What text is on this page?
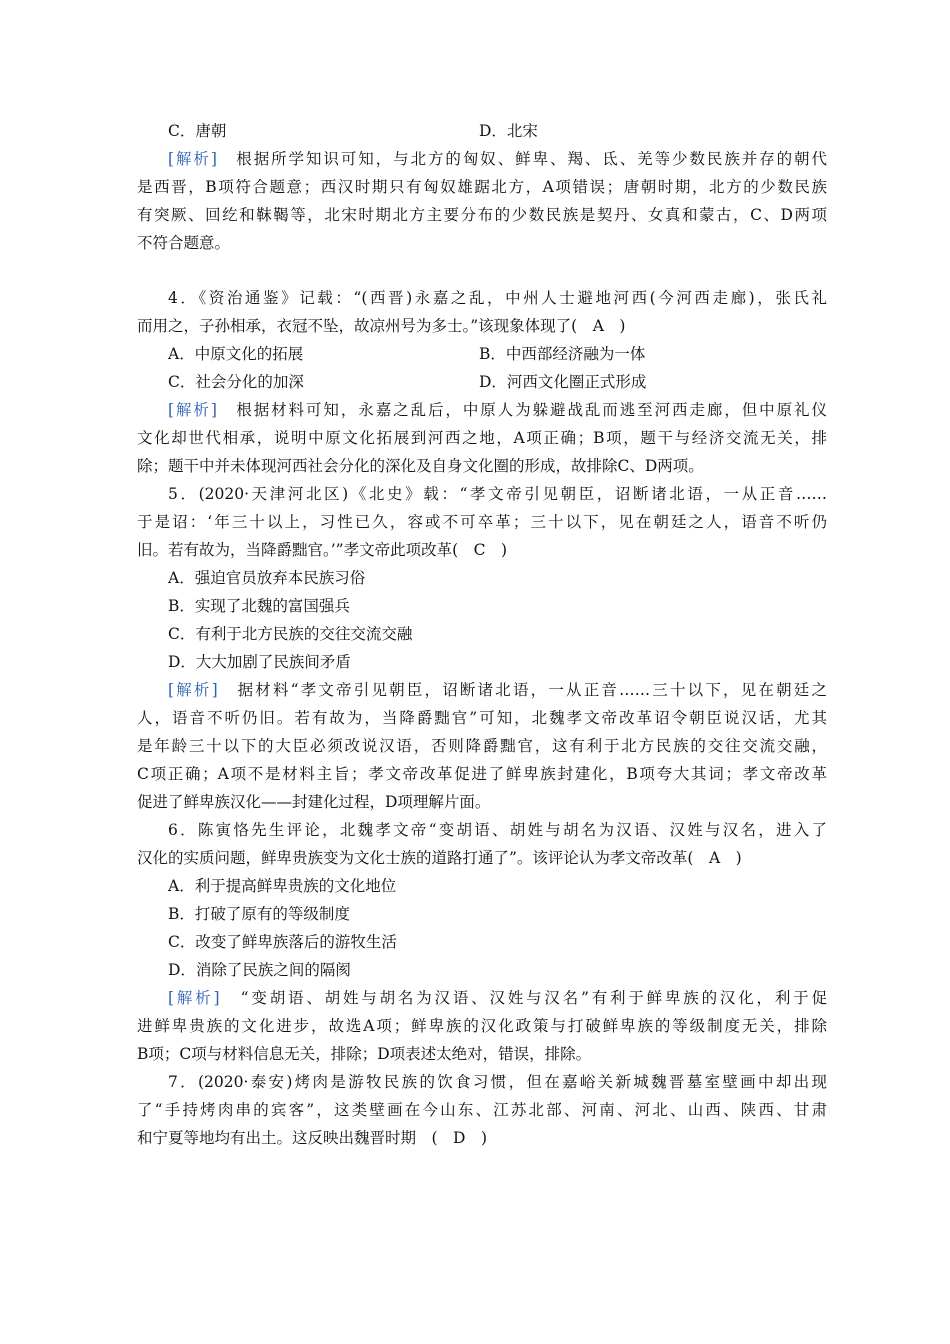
C．唐朝	D．北宋
[解析]　 根据所学知识可知，与北方的匈奴、鲜卑、羯、氐、羌等少数民族并存的朝代
是西晋，B项符合题意；西汉时期只有匈奴雄踞北方，A项错误；唐朝时期，北方的少数民族
有突厥、回纥和靺鞨等，北宋时期北方主要分布的少数民族是契丹、女真和蒙古，C、D两项
不符合题意。
4．《资治通鉴》记载：“(西晋)永嘉之乱，中州人士避地河西(今河西走廊)，张氏礼
而用之，子孙相承，衣冠不坠，故凉州号为多士。”该现象体现了(　A　)
A．中原文化的拓展	B．中西部经济融为一体
C．社会分化的加深	D．河西文化圈正式形成
[解析]　 根据材料可知，永嘉之乱后，中原人为躲避战乱而逃至河西走廊，但中原礼仪
文化却世代相承，说明中原文化拓展到河西之地，A项正确；B项，题干与经济交流无关，排
除；题干中并未体现河西社会分化的深化及自身文化圈的形成，故排除C、D两项。
5．(2020·天津河北区)《北史》载：“孝文帝引见朝臣，诏断诸北语，一从正音……
于是诏：‘年三十以上，习性已久，容或不可卒革；三十以下，见在朝廷之人，语音不听仍
旧。若有故为，当降爵黜官。’”孝文帝此项改革(　C　)
A．强迫官员放弃本民族习俗
B．实现了北魏的富国强兵
C．有利于北方民族的交往交流交融
D．大大加剧了民族间矛盾
[解析]　 据材料“孝文帝引见朝臣，诏断诸北语，一从正音……三十以下，见在朝廷之
人，语音不听仍旧。若有故为，当降爵黜官”可知，北魏孝文帝改革诏令朝臣说汉话，尤其
是年龄三十以下的大臣必须改说汉语，否则降爵黜官，这有利于北方民族的交往交流交融，
C项正确；A项不是材料主旨；孝文帝改革促进了鲜卑族封建化，B项夸大其词；孝文帝改革
促进了鲜卑族汉化——封建化过程，D项理解片面。
6．陈寅恪先生评论，北魏孝文帝“变胡语、胡姓与胡名为汉语、汉姓与汉名，进入了
汉化的实质问题，鲜卑贵族变为文化士族的道路打通了”。该评论认为孝文帝改革(　A　)
A．利于提高鲜卑贵族的文化地位
B．打破了原有的等级制度
C．改变了鲜卑族落后的游牧生活
D．消除了民族之间的隔阂
[解析]　 “变胡语、胡姓与胡名为汉语、汉姓与汉名”有利于鲜卑族的汉化，利于促
进鲜卑贵族的文化进步，故选A项；鲜卑族的汉化政策与打破鲜卑族的等级制度无关，排除
B项；C项与材料信息无关，排除；D项表述太绝对，错误，排除。
7．(2020·泰安)烤肉是游牧民族的饮食习惯，但在嘉峪关新城魏晋墓室壁画中却出现
了“手持烤肉串的宾客”，这类壁画在今山东、江苏北部、河南、河北、山西、陕西、甘肃
和宁夏等地均有出土。这反映出魏晋时期　(　D　)
